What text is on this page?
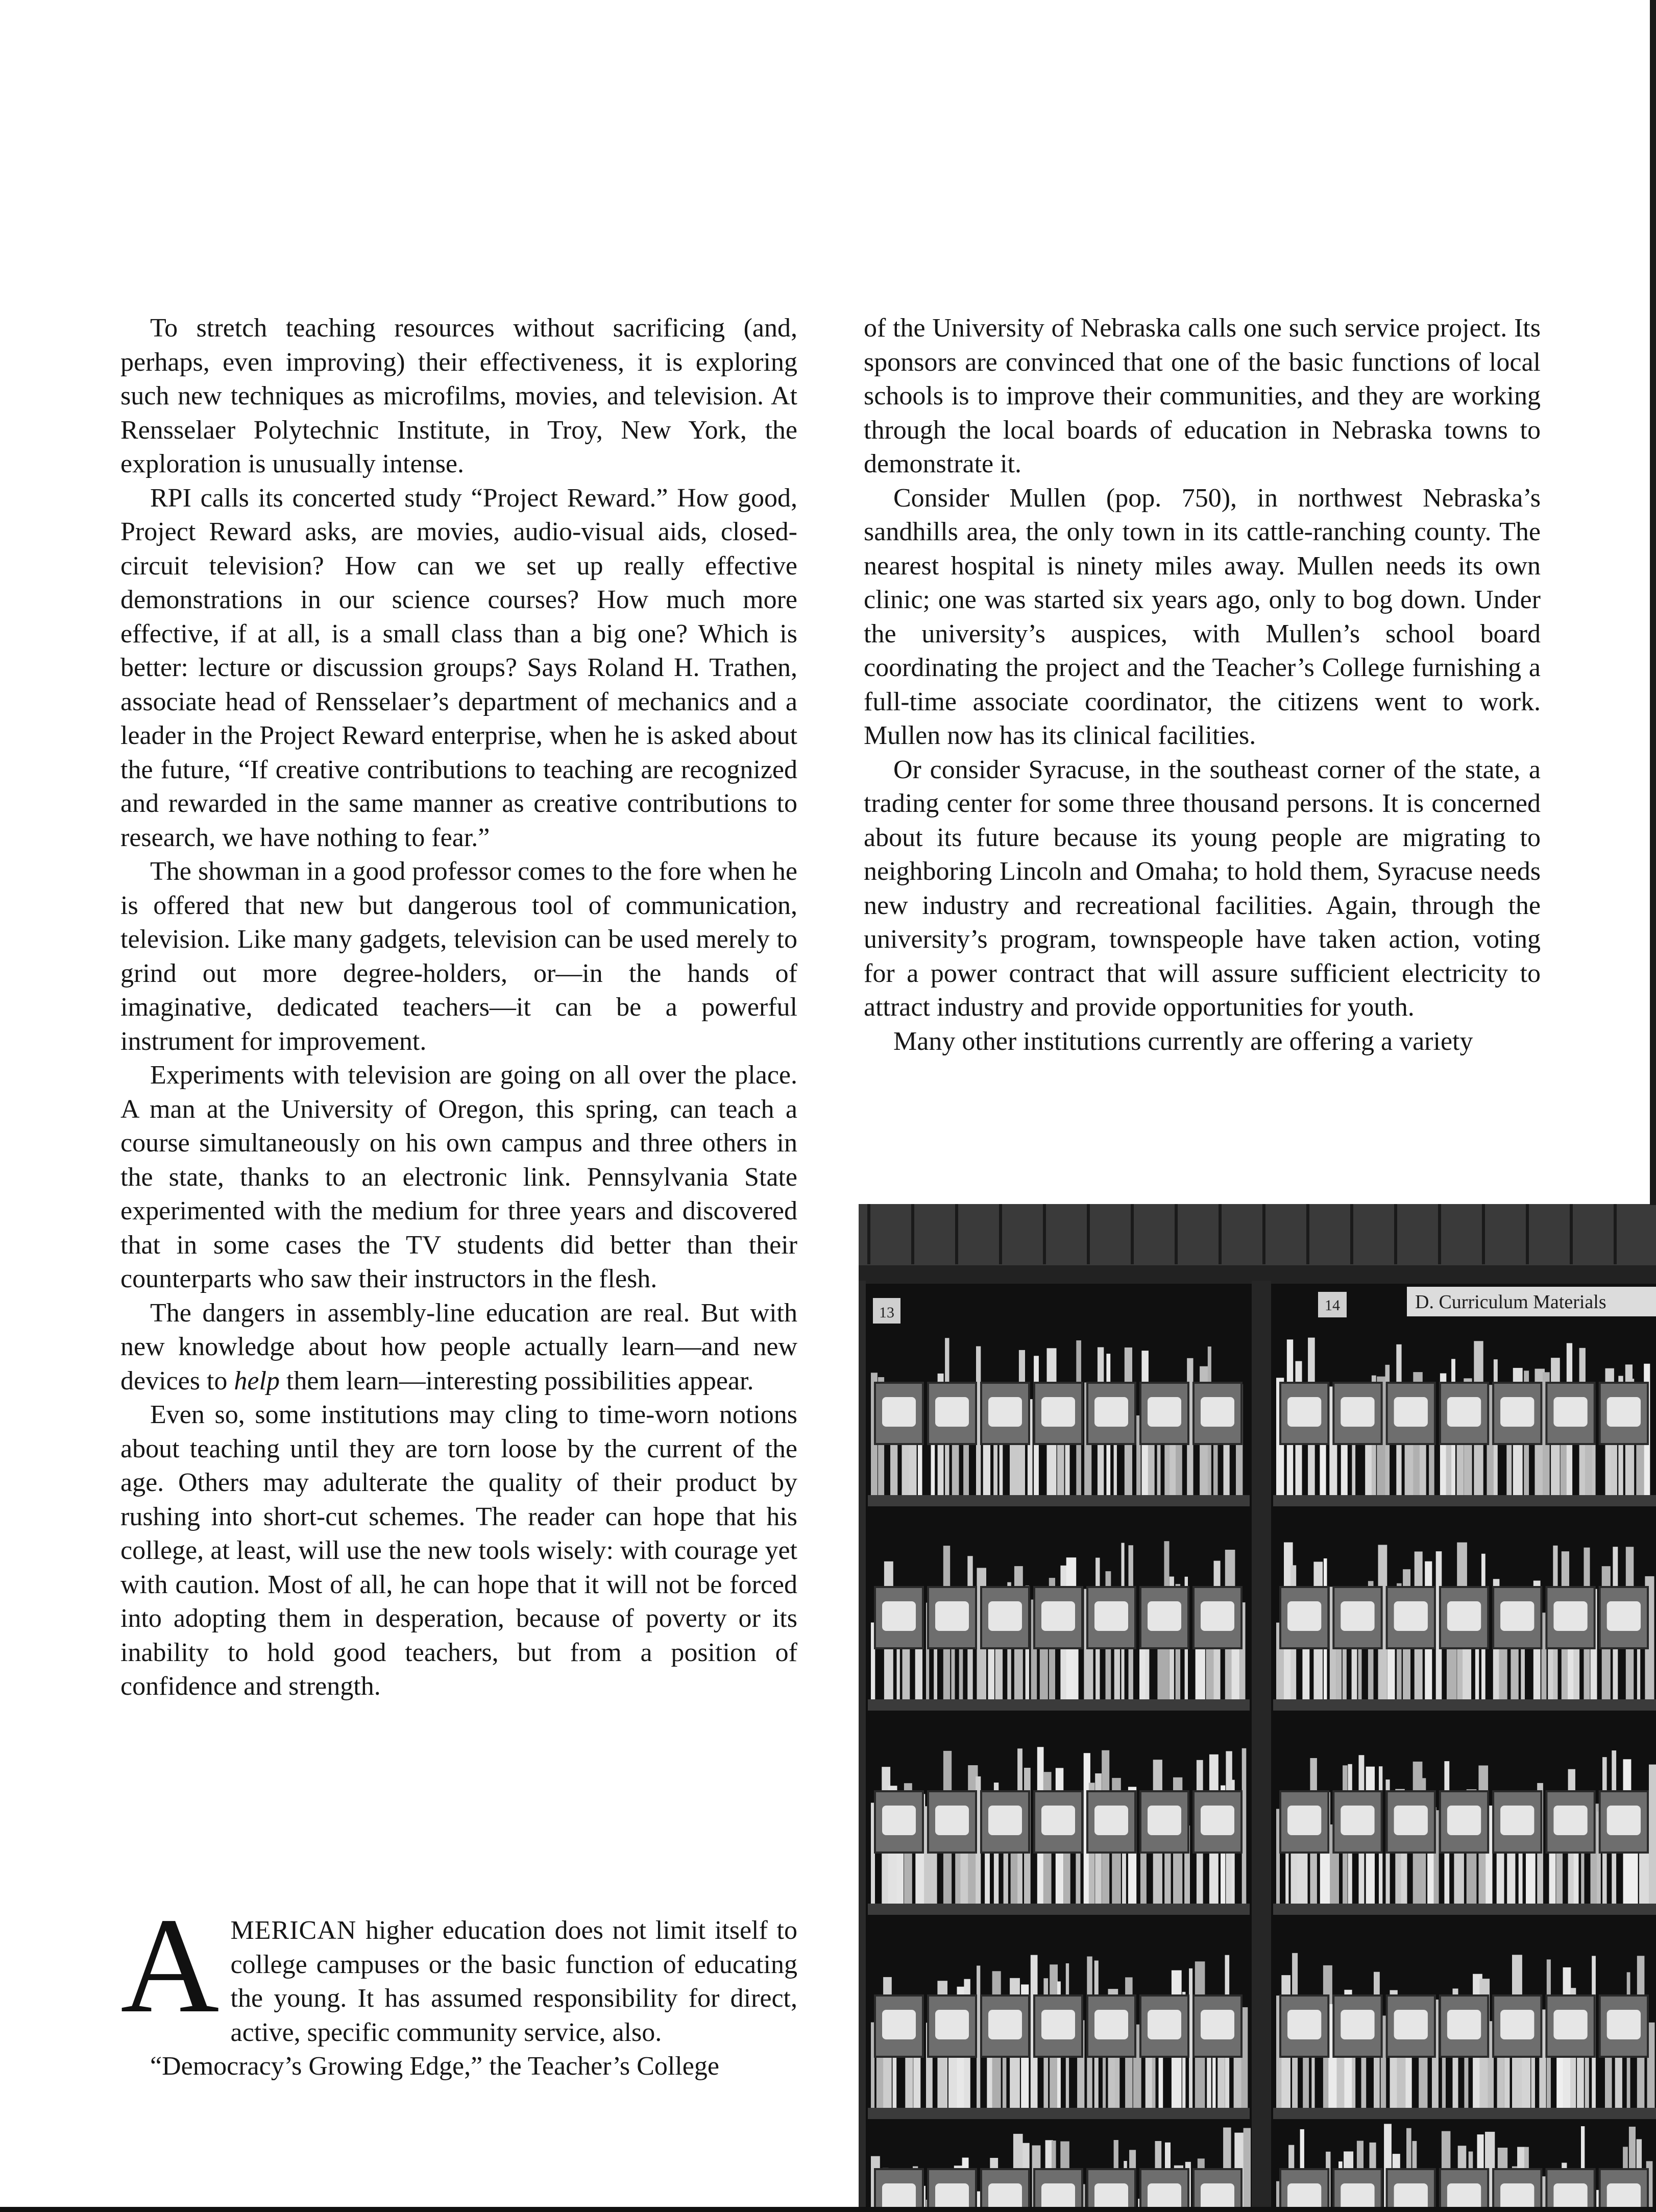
To stretch teaching resources without sacrificing (and, perhaps, even improving) their effectiveness, it is exploring such new techniques as microfilms, movies, and television. At Rensselaer Polytechnic Institute, in Troy, New York, the exploration is unusually intense.

RPI calls its concerted study “Project Reward.” How good, Project Reward asks, are movies, audio-visual aids, closed-circuit television? How can we set up really effective demonstrations in our science courses? How much more effective, if at all, is a small class than a big one? Which is better: lecture or discussion groups? Says Roland H. Trathen, associate head of Rensselaer’s department of mechanics and a leader in the Project Reward enterprise, when he is asked about the future, “If creative contributions to teaching are recognized and rewarded in the same manner as creative contributions to research, we have nothing to fear.”

The showman in a good professor comes to the fore when he is offered that new but dangerous tool of communication, television. Like many gadgets, television can be used merely to grind out more degree-holders, or—in the hands of imaginative, dedicated teachers—it can be a powerful instrument for improvement.

Experiments with television are going on all over the place. A man at the University of Oregon, this spring, can teach a course simultaneously on his own campus and three others in the state, thanks to an electronic link. Pennsylvania State experimented with the medium for three years and discovered that in some cases the TV students did better than their counterparts who saw their instructors in the flesh.

The dangers in assembly-line education are real. But with new knowledge about how people actually learn—and new devices to help them learn—interesting possibilities appear.

Even so, some institutions may cling to time-worn notions about teaching until they are torn loose by the current of the age. Others may adulterate the quality of their product by rushing into short-cut schemes. The reader can hope that his college, at least, will use the new tools wisely: with courage yet with caution. Most of all, he can hope that it will not be forced into adopting them in desperation, because of poverty or its inability to hold good teachers, but from a position of confidence and strength.

AMERICAN higher education does not limit itself to college campuses or the basic function of educating the young. It has assumed responsibility for direct, active, specific community service, also.

“Democracy’s Growing Edge,” the Teacher’s College

of the University of Nebraska calls one such service project. Its sponsors are convinced that one of the basic functions of local schools is to improve their communities, and they are working through the local boards of education in Nebraska towns to demonstrate it.

Consider Mullen (pop. 750), in northwest Nebraska’s sandhills area, the only town in its cattle-ranching county. The nearest hospital is ninety miles away. Mullen needs its own clinic; one was started six years ago, only to bog down. Under the university’s auspices, with Mullen’s school board coordinating the project and the Teacher’s College furnishing a full-time associate coordinator, the citizens went to work. Mullen now has its clinical facilities.

Or consider Syracuse, in the southeast corner of the state, a trading center for some three thousand persons. It is concerned about its future because its young people are migrating to neighboring Lincoln and Omaha; to hold them, Syracuse needs new industry and recreational facilities. Again, through the university’s program, townspeople have taken action, voting for a power contract that will assure sufficient electricity to attract industry and provide opportunities for youth.

Many other institutions currently are offering a variety

13	14	D. Curriculum Materials
